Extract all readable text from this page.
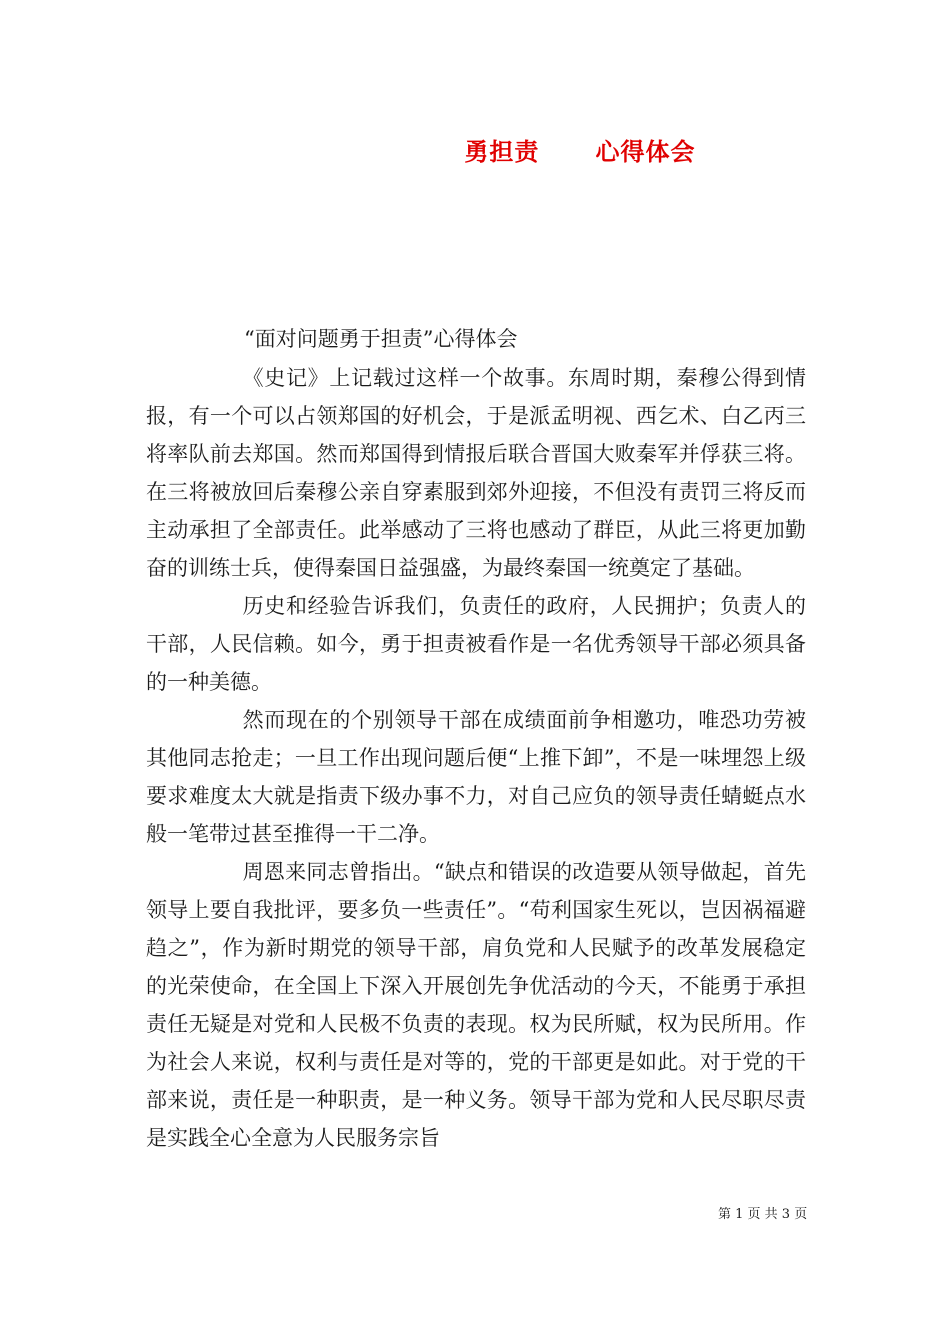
勇担责      心得体会
“面对问题勇于担责”心得体会

《史记》上记载过这样一个故事。东周时期，秦穆公得到情报，有一个可以占领郑国的好机会，于是派孟明视、西乞术、白乙丙三将率队前去郑国。然而郑国得到情报后联合晋国大败秦军并俘获三将。在三将被放回后秦穆公亲自穿素服到郊外迎接，不但没有责罚三将反而主动承担了全部责任。此举感动了三将也感动了群臣，从此三将更加勤奋的训练士兵，使得秦国日益强盛，为最终秦国一统奠定了基础。

历史和经验告诉我们，负责任的政府，人民拥护；负责人的干部，人民信赖。如今，勇于担责被看作是一名优秀领导干部必须具备的一种美德。

然而现在的个别领导干部在成绩面前争相邀功，唯恐功劳被其他同志抢走；一旦工作出现问题后便“上推下卸”，不是一味埋怨上级要求难度太大就是指责下级办事不力，对自己应负的领导责任蜻蜓点水般一笔带过甚至推得一干二净。

周恩来同志曾指出。“缺点和错误的改造要从领导做起，首先领导上要自我批评，要多负一些责任”。“苟利国家生死以，岂因祸福避趋之”，作为新时期党的领导干部，肩负党和人民赋予的改革发展稳定的光荣使命，在全国上下深入开展创先争优活动的今天，不能勇于承担责任无疑是对党和人民极不负责的表现。权为民所赋，权为民所用。作为社会人来说，权利与责任是对等的，党的干部更是如此。对于党的干部来说，责任是一种职责，是一种义务。领导干部为党和人民尽职尽责是实践全心全意为人民服务宗旨

第 1 页 共 3 页
